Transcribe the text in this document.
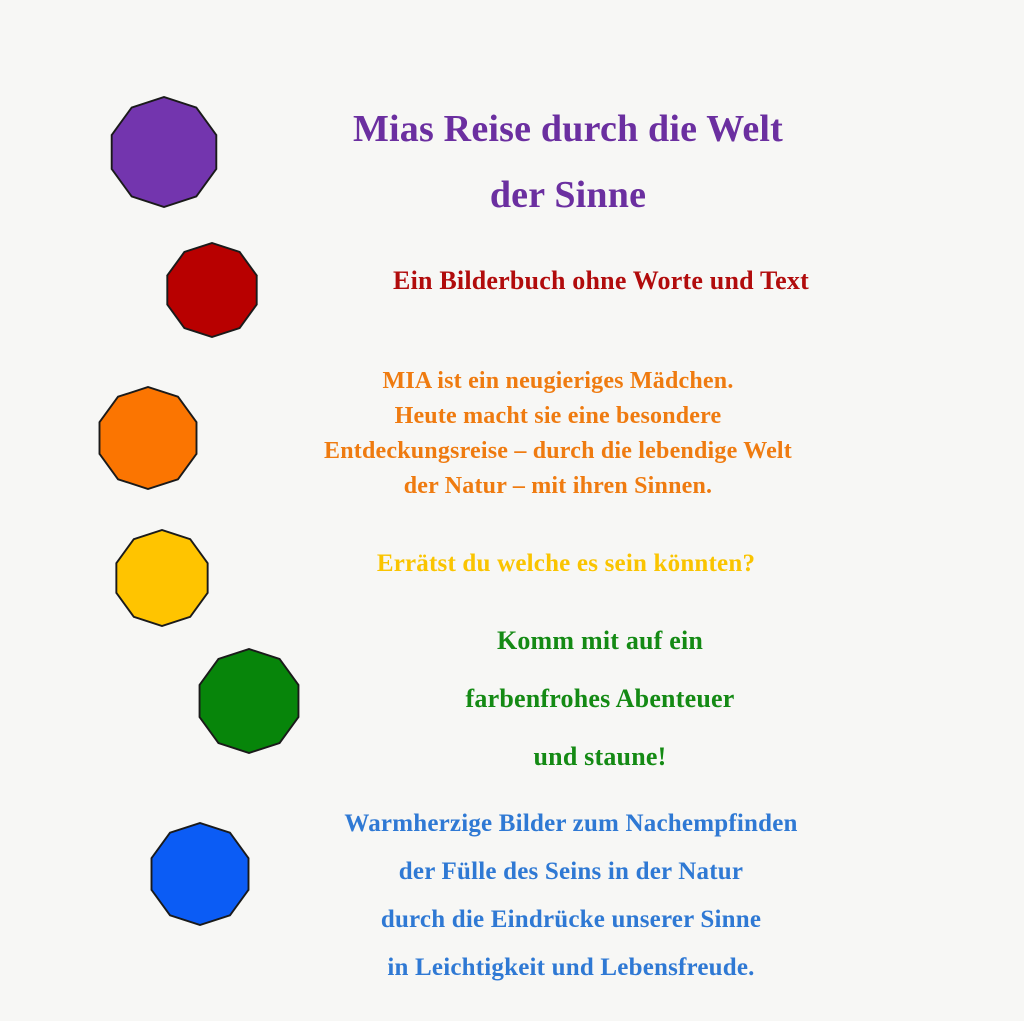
Mias Reise durch die Welt
der Sinne
Ein Bilderbuch ohne Worte und Text
MIA ist ein neugieriges Mädchen.
Heute macht sie eine besondere
Entdeckungsreise – durch die lebendige Welt
der Natur – mit ihren Sinnen.
Errätst du welche es sein könnten?
Komm mit auf ein
farbenfrohes Abenteuer
und staune!
Warmherzige Bilder zum Nachempfinden
der Fülle des Seins in der Natur
durch die Eindrücke unserer Sinne
in Leichtigkeit und Lebensfreude.
